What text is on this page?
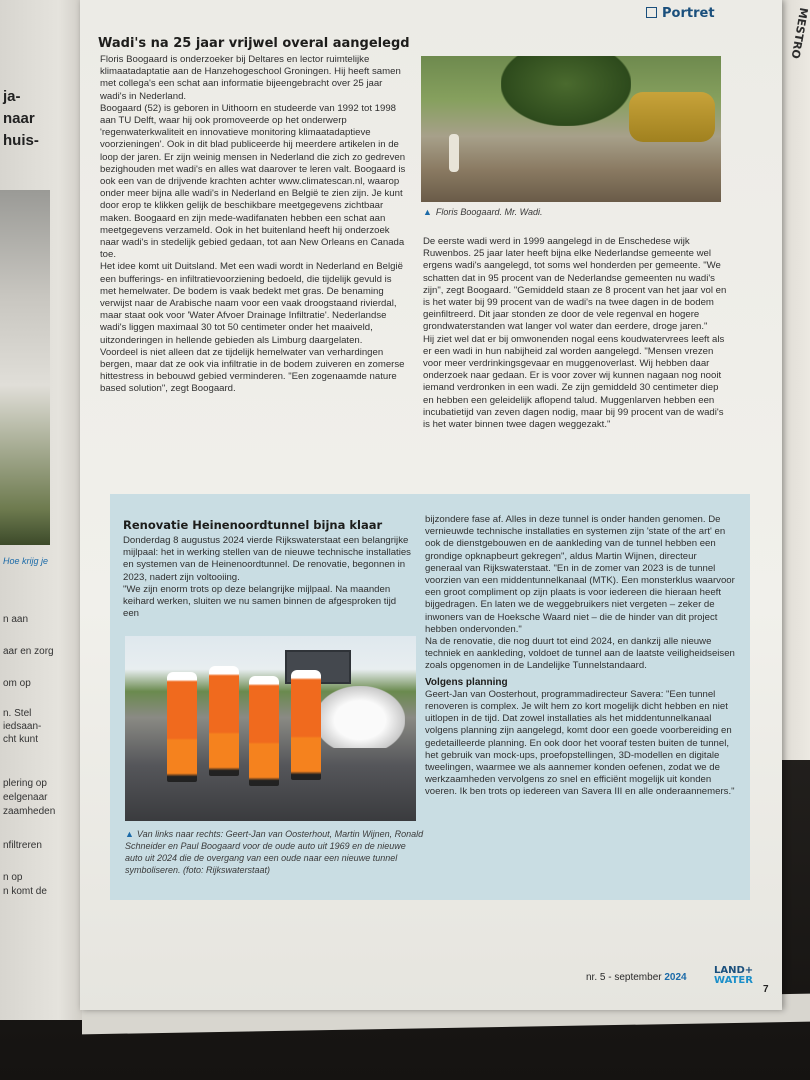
MESTRO
ja-
naar
huis-
Hoe krijg je
n aan
aar en zorg
om op
n. Stel
iedsaan-
cht kunt
plering op
eelgenaar
zaamheden
nfiltreren
n op
n komt de
Portret
Wadi's na 25 jaar vrijwel overal aangelegd

Floris Boogaard is onderzoeker bij Deltares en lector ruimtelijke klimaatadaptatie aan de Hanzehogeschool Groningen. Hij heeft samen met collega's een schat aan informatie bijeengebracht over 25 jaar wadi's in Nederland.

Boogaard (52) is geboren in Uithoorn en studeerde van 1992 tot 1998 aan TU Delft, waar hij ook promoveerde op het onderwerp 'regenwaterkwaliteit en innovatieve monitoring klimaatadaptieve voorzieningen'. Ook in dit blad publiceerde hij meerdere artikelen in de loop der jaren. Er zijn weinig mensen in Nederland die zich zo gedreven bezighouden met wadi's en alles wat daarover te leren valt. Boogaard is ook een van de drijvende krachten achter www.climatescan.nl, waarop onder meer bijna alle wadi's in Nederland en België te zien zijn. Je kunt door erop te klikken gelijk de beschikbare meetgegevens zichtbaar maken. Boogaard en zijn mede-wadifanaten hebben een schat aan meetgegevens verzameld. Ook in het buitenland heeft hij onderzoek naar wadi's in stedelijk gebied gedaan, tot aan New Orleans en Canada toe.

Het idee komt uit Duitsland. Met een wadi wordt in Nederland en België een bufferings- en infiltratievoorziening bedoeld, die tijdelijk gevuld is met hemelwater. De bodem is vaak bedekt met gras. De benaming verwijst naar de Arabische naam voor een vaak droogstaand rivierdal, maar staat ook voor 'Water Afvoer Drainage Infiltratie'. Nederlandse wadi's liggen maximaal 30 tot 50 centimeter onder het maaiveld, uitzonderingen in hellende gebieden als Limburg daargelaten.

Voordeel is niet alleen dat ze tijdelijk hemelwater van verhardingen bergen, maar dat ze ook via infiltratie in de bodem zuiveren en zomerse hittestress in bebouwd gebied verminderen. "Een zogenaamde nature based solution", zegt Boogaard.

▲ Floris Boogaard. Mr. Wadi.

De eerste wadi werd in 1999 aangelegd in de Enschedese wijk Ruwenbos. 25 jaar later heeft bijna elke Nederlandse gemeente wel ergens wadi's aangelegd, tot soms wel honderden per gemeente. "We schatten dat in 95 procent van de Nederlandse gemeenten nu wadi's zijn", zegt Boogaard. "Gemiddeld staan ze 8 procent van het jaar vol en is het water bij 99 procent van de wadi's na twee dagen in de bodem geinfiltreerd. Dit jaar stonden ze door de vele regenval en hogere grondwaterstanden wat langer vol water dan eerdere, droge jaren."

Hij ziet wel dat er bij omwonenden nogal eens koudwatervrees leeft als er een wadi in hun nabijheid zal worden aangelegd. "Mensen vrezen voor meer verdrinkingsgevaar en muggenoverlast. Wij hebben daar onderzoek naar gedaan. Er is voor zover wij kunnen nagaan nog nooit iemand verdronken in een wadi. Ze zijn gemiddeld 30 centimeter diep en hebben een geleidelijk aflopend talud. Muggenlarven hebben een incubatietijd van zeven dagen nodig, maar bij 99 procent van de wadi's is het water binnen twee dagen weggezakt."

Renovatie Heinenoordtunnel bijna klaar

Donderdag 8 augustus 2024 vierde Rijkswaterstaat een belangrijke mijlpaal: het in werking stellen van de nieuwe technische installaties en systemen van de Heinenoordtunnel. De renovatie, begonnen in 2023, nadert zijn voltooiing.

"We zijn enorm trots op deze belangrijke mijlpaal. Na maanden keihard werken, sluiten we nu samen binnen de afgesproken tijd een

▲ Van links naar rechts: Geert-Jan van Oosterhout, Martin Wijnen, Ronald Schneider en Paul Boogaard voor de oude auto uit 1969 en de nieuwe auto uit 2024 die de overgang van een oude naar een nieuwe tunnel symboliseren. (foto: Rijkswaterstaat)

bijzondere fase af. Alles in deze tunnel is onder handen genomen. De vernieuwde technische installaties en systemen zijn 'state of the art' en ook de dienstgebouwen en de aankleding van de tunnel hebben een grondige opknapbeurt gekregen", aldus Martin Wijnen, directeur generaal van Rijkswaterstaat. "En in de zomer van 2023 is de tunnel voorzien van een middentunnelkanaal (MTK). Een monsterklus waarvoor een groot compliment op zijn plaats is voor iedereen die hieraan heeft bijgedragen. En laten we de weggebruikers niet vergeten – zeker de inwoners van de Hoeksche Waard niet – die de hinder van dit project hebben ondervonden."

Na de renovatie, die nog duurt tot eind 2024, en dankzij alle nieuwe techniek en aankleding, voldoet de tunnel aan de laatste veiligheidseisen zoals opgenomen in de Landelijke Tunnelstandaard.

Volgens planning

Geert-Jan van Oosterhout, programmadirecteur Savera: "Een tunnel renoveren is complex. Je wilt hem zo kort mogelijk dicht hebben en niet uitlopen in de tijd. Dat zowel installaties als het middentunnelkanaal volgens planning zijn aangelegd, komt door een goede voorbereiding en gedetailleerde planning. En ook door het vooraf testen buiten de tunnel, het gebruik van mock-ups, proefopstellingen, 3D-modellen en digitale tweelingen, waarmee we als aannemer konden oefenen, zodat we de werkzaamheden vervolgens zo snel en efficiënt mogelijk uit konden voeren. Ik ben trots op iedereen van Savera III en alle onderaannemers."

nr. 5 - september 2024
LAND+
WATER
7
